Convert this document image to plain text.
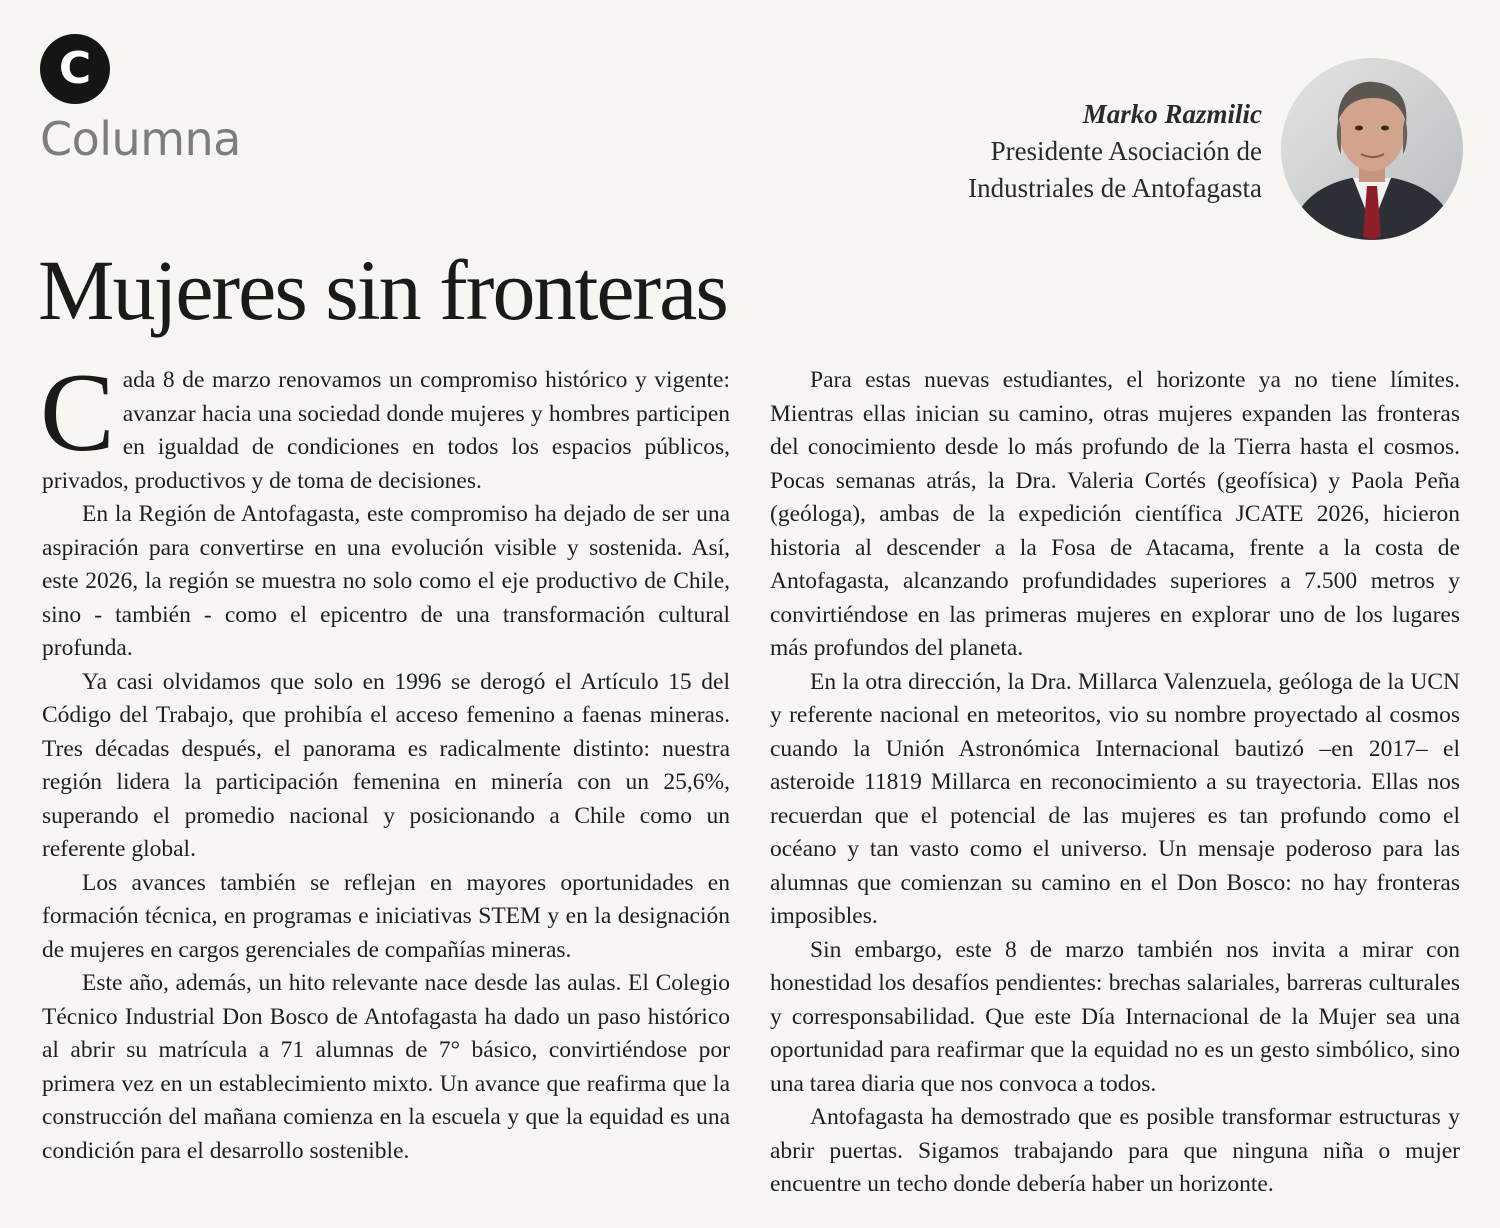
C
Columna	Marko Razmilic
Presidente Asociación de
Industriales de Antofagasta
Mujeres sin fronteras

Cada 8 de marzo renovamos un compromiso histórico y vigente: avanzar hacia una sociedad donde mujeres y hombres participen en igualdad de condiciones en todos los espacios públicos, privados, productivos y de toma de decisiones.

En la Región de Antofagasta, este compromiso ha dejado de ser una aspiración para convertirse en una evolución visible y sostenida. Así, este 2026, la región se muestra no solo como el eje productivo de Chile, sino - también - como el epicentro de una transformación cultural profunda.

Ya casi olvidamos que solo en 1996 se derogó el Artículo 15 del Código del Trabajo, que prohibía el acceso femenino a faenas mineras. Tres décadas después, el panorama es radicalmente distinto: nuestra región lidera la participación femenina en minería con un 25,6%, superando el promedio nacional y posicionando a Chile como un referente global.

Los avances también se reflejan en mayores oportunidades en formación técnica, en programas e iniciativas STEM y en la designación de mujeres en cargos gerenciales de compañías mineras.

Este año, además, un hito relevante nace desde las aulas. El Colegio Técnico Industrial Don Bosco de Antofagasta ha dado un paso histórico al abrir su matrícula a 71 alumnas de 7° básico, convirtiéndose por primera vez en un establecimiento mixto. Un avance que reafirma que la construcción del mañana comienza en la escuela y que la equidad es una condición para el desarrollo sostenible.

Para estas nuevas estudiantes, el horizonte ya no tiene límites. Mientras ellas inician su camino, otras mujeres expanden las fronteras del conocimiento desde lo más profundo de la Tierra hasta el cosmos. Pocas semanas atrás, la Dra. Valeria Cortés (geofísica) y Paola Peña (geóloga), ambas de la expedición científica JCATE 2026, hicieron historia al descender a la Fosa de Atacama, frente a la costa de Antofagasta, alcanzando profundidades superiores a 7.500 metros y convirtiéndose en las primeras mujeres en explorar uno de los lugares más profundos del planeta.

En la otra dirección, la Dra. Millarca Valenzuela, geóloga de la UCN y referente nacional en meteoritos, vio su nombre proyectado al cosmos cuando la Unión Astronómica Internacional bautizó –en 2017– el asteroide 11819 Millarca en reconocimiento a su trayectoria. Ellas nos recuerdan que el potencial de las mujeres es tan profundo como el océano y tan vasto como el universo. Un mensaje poderoso para las alumnas que comienzan su camino en el Don Bosco: no hay fronteras imposibles.

Sin embargo, este 8 de marzo también nos invita a mirar con honestidad los desafíos pendientes: brechas salariales, barreras culturales y corresponsabilidad. Que este Día Internacional de la Mujer sea una oportunidad para reafirmar que la equidad no es un gesto simbólico, sino una tarea diaria que nos convoca a todos.

Antofagasta ha demostrado que es posible transformar estructuras y abrir puertas. Sigamos trabajando para que ninguna niña o mujer encuentre un techo donde debería haber un horizonte.
